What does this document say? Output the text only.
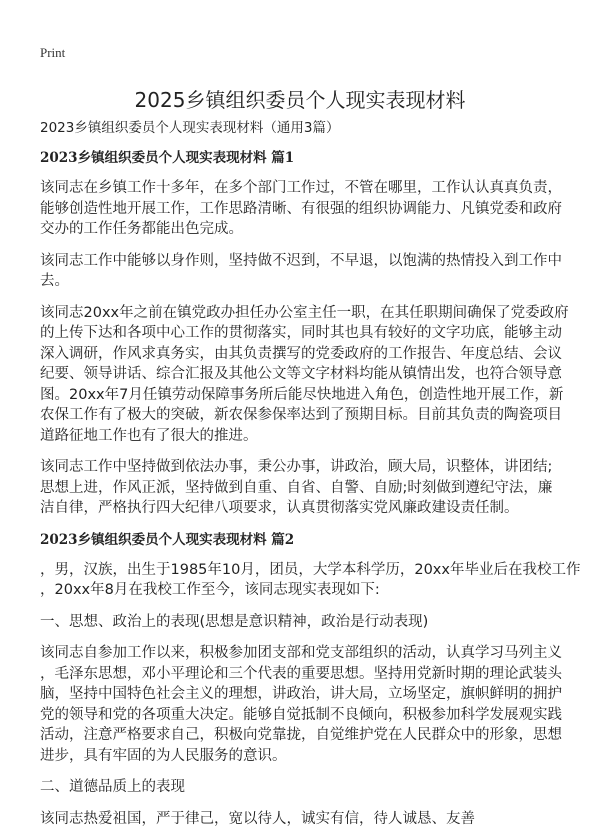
Print
2025乡镇组织委员个人现实表现材料
2023乡镇组织委员个人现实表现材料（通用3篇）
2023乡镇组织委员个人现实表现材料 篇1
该同志在乡镇工作十多年，在多个部门工作过，不管在哪里，工作认认真真负责，
能够创造性地开展工作，工作思路清晰、有很强的组织协调能力、凡镇党委和政府
交办的工作任务都能出色完成。
该同志工作中能够以身作则，坚持做不迟到，不早退，以饱满的热情投入到工作中
去。
该同志20xx年之前在镇党政办担任办公室主任一职，在其任职期间确保了党委政府
的上传下达和各项中心工作的贯彻落实，同时其也具有较好的文字功底，能够主动
深入调研，作风求真务实，由其负责撰写的党委政府的工作报告、年度总结、会议
纪要、领导讲话、综合汇报及其他公文等文字材料均能从镇情出发，也符合领导意
图。20xx年7月任镇劳动保障事务所后能尽快地进入角色，创造性地开展工作，新
农保工作有了极大的突破，新农保参保率达到了预期目标。目前其负责的陶瓷项目
道路征地工作也有了很大的推进。
该同志工作中坚持做到依法办事，秉公办事，讲政治，顾大局，识整体，讲团结;
思想上进，作风正派，坚持做到自重、自省、自警、自励;时刻做到遵纪守法，廉
洁自律，严格执行四大纪律八项要求，认真贯彻落实党风廉政建设责任制。
2023乡镇组织委员个人现实表现材料 篇2
，男，汉族，出生于1985年10月，团员，大学本科学历，20xx年毕业后在我校工作
，20xx年8月在我校工作至今，该同志现实表现如下:
一、思想、政治上的表现(思想是意识精神，政治是行动表现)
该同志自参加工作以来，积极参加团支部和党支部组织的活动，认真学习马列主义
，毛泽东思想，邓小平理论和三个代表的重要思想。坚持用党新时期的理论武装头
脑，坚持中国特色社会主义的理想，讲政治，讲大局，立场坚定，旗帜鲜明的拥护
党的领导和党的各项重大决定。能够自觉抵制不良倾向，积极参加科学发展观实践
活动，注意严格要求自己，积极向党靠拢，自觉维护党在人民群众中的形象，思想
进步，具有牢固的为人民服务的意识。
二、道德品质上的表现
该同志热爱祖国，严于律己，宽以待人，诚实有信，待人诚恳、友善
